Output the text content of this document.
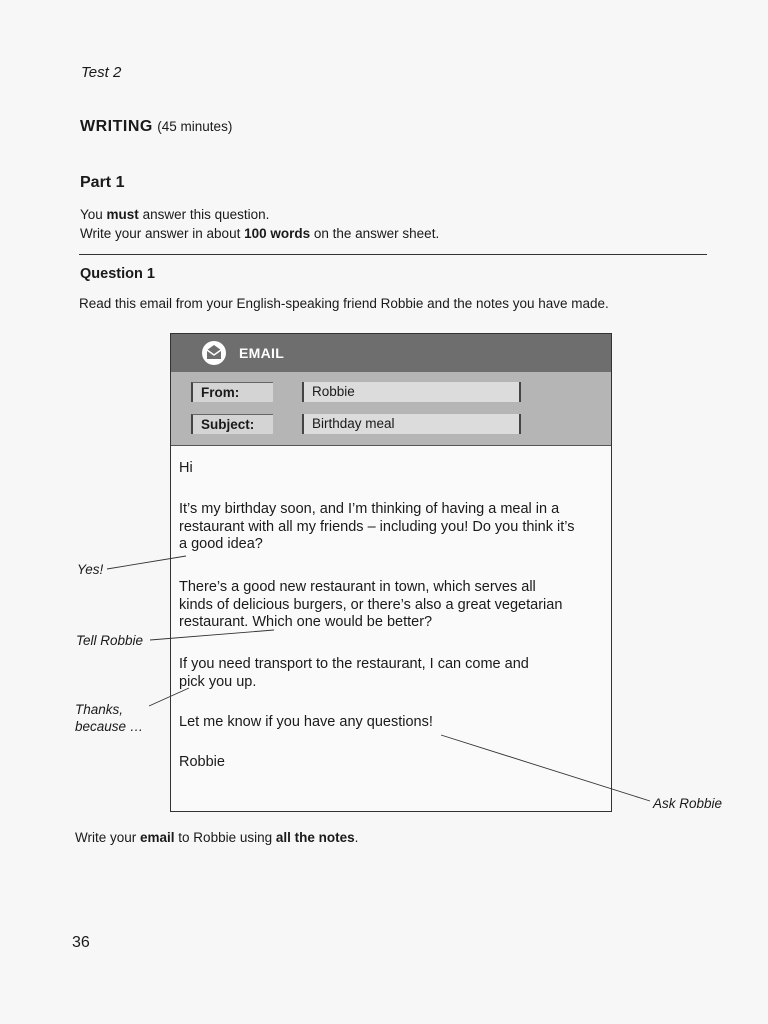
Test 2
WRITING (45 minutes)
Part 1
You must answer this question.
Write your answer in about 100 words on the answer sheet.
Question 1
Read this email from your English-speaking friend Robbie and the notes you have made.
EMAIL
From:	Robbie
Subject:	Birthday meal
Hi
It’s my birthday soon, and I’m thinking of having a meal in a
restaurant with all my friends – including you! Do you think it’s
a good idea?
There’s a good new restaurant in town, which serves all
kinds of delicious burgers, or there’s also a great vegetarian
restaurant. Which one would be better?
If you need transport to the restaurant, I can come and
pick you up.
Let me know if you have any questions!
Robbie
Yes!
Tell Robbie
Thanks,
because …
Ask Robbie
Write your email to Robbie using all the notes.
36
